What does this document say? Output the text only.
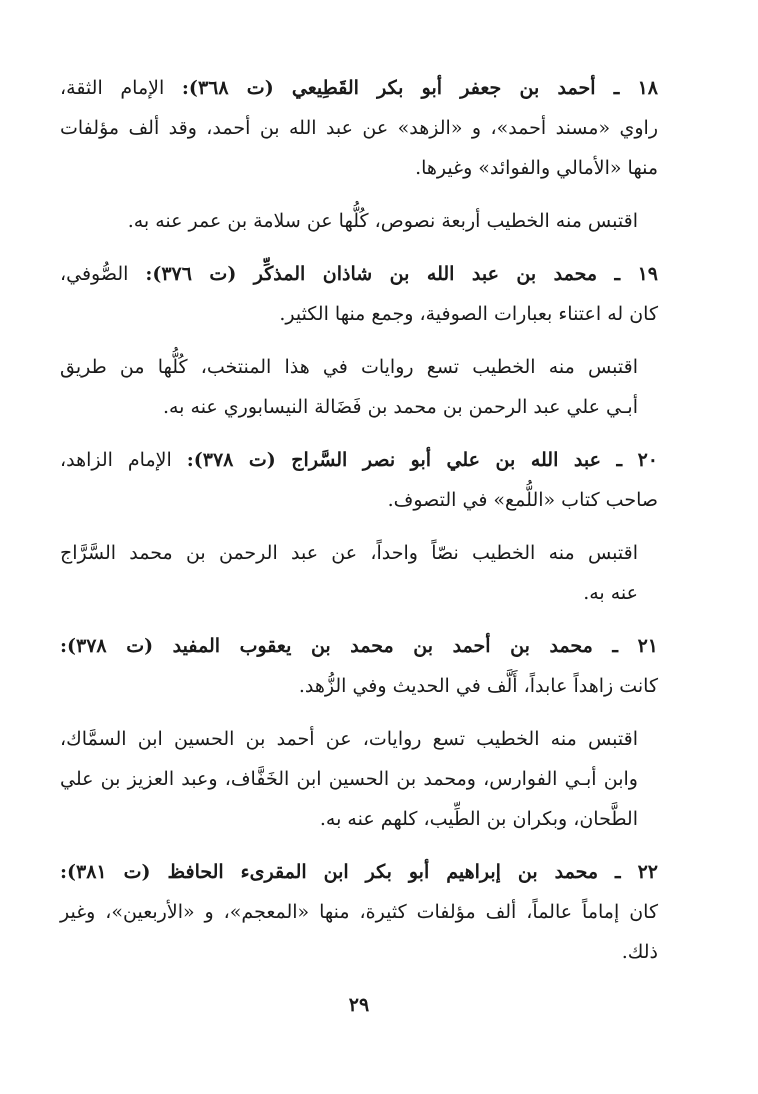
١٨ ـ أحمد بن جعفر أبو بكر القَطِيعي (ت ٣٦٨): الإمام الثقة،
راوي «مسند أحمد»، و «الزهد» عن عبد الله بن أحمد، وقد ألف مؤلفات
منها «الأمالي والفوائد» وغيرها.
اقتبس منه الخطيب أربعة نصوص، كُلُّها عن سلامة بن عمر عنه به.
١٩ ـ محمد بن عبد الله بن شاذان المذكِّر (ت ٣٧٦): الصُّوفي،
كان له اعتناء بعبارات الصوفية، وجمع منها الكثير.
اقتبس منه الخطيب تسع روايات في هذا المنتخب، كُلُّها من طريق
أبـي علي عبد الرحمن بن محمد بن فَضَالة النيسابوري عنه به.
٢٠ ـ عبد الله بن علي أبو نصر السَّراج (ت ٣٧٨): الإمام الزاهد،
صاحب كتاب «اللُّمع» في التصوف.
اقتبس منه الخطيب نصّاً واحداً، عن عبد الرحمن بن محمد السَّرَّاج
عنه به.
٢١ ـ محمد بن أحمد بن محمد بن يعقوب المفيد (ت ٣٧٨):
كانت زاهداً عابداً، أَلَّف في الحديث وفي الزُّهد.
اقتبس منه الخطيب تسع روايات، عن أحمد بن الحسين ابن السمَّاك،
وابن أبـي الفوارس، ومحمد بن الحسين ابن الخَفَّاف، وعبد العزيز بن علي
الطَّحان، وبكران بن الطِّيب، كلهم عنه به.
٢٢ ـ محمد بن إبراهيم أبو بكر ابن المقرىء الحافظ (ت ٣٨١):
كان إماماً عالماً، ألف مؤلفات كثيرة، منها «المعجم»، و «الأربعين»، وغير
ذلك.
٢٩
